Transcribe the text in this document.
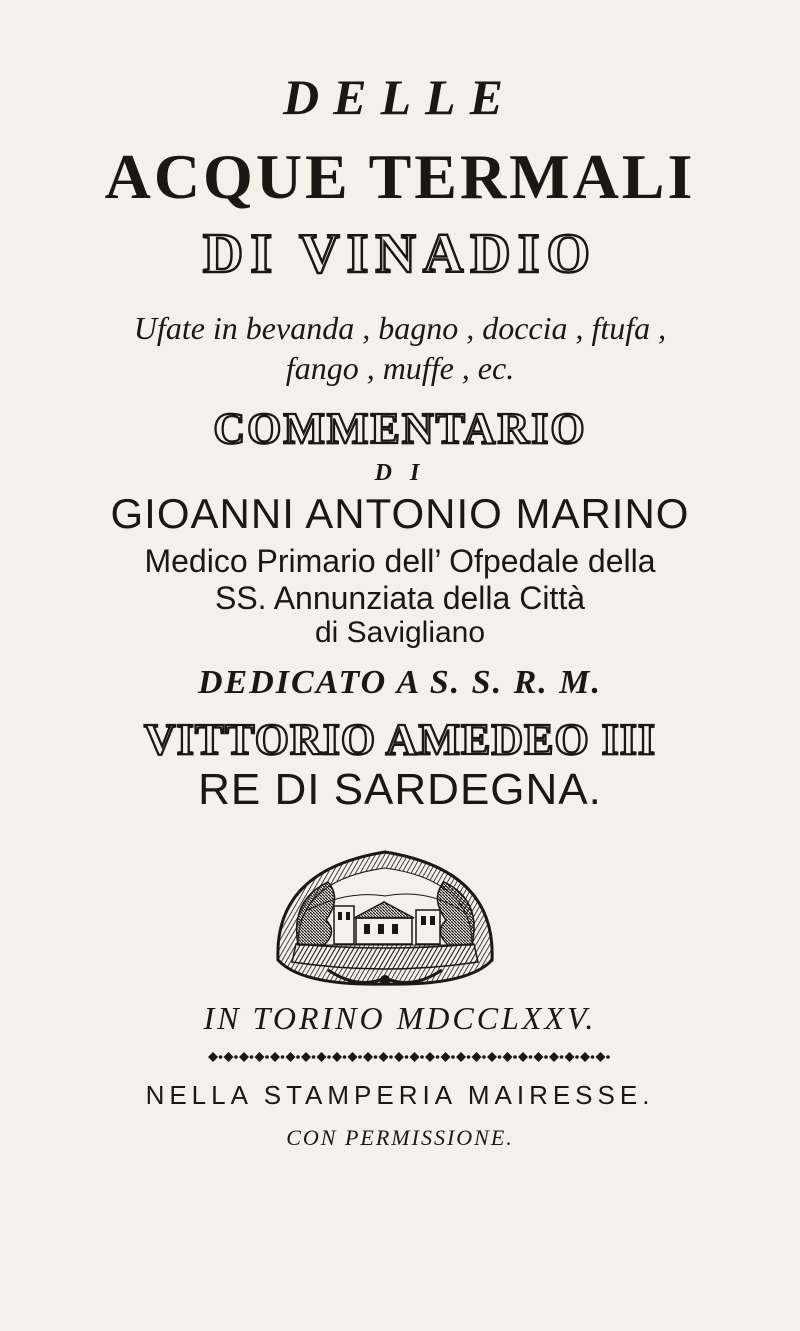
DELLE
ACQUE TERMALI
DI VINADIO
Ufate in bevanda , bagno , doccia , ftufa ,
fango , muffe , ec.
COMMENTARIO
D I
GIOANNI ANTONIO MARINO
Medico Primario dell’ Ofpedale della
SS. Annunziata della Città
di Savigliano
DEDICATO A S. S. R. M.
VITTORIO AMEDEO III
RE DI SARDEGNA.
IN TORINO MDCCLXXV.
NELLA STAMPERIA MAIRESSE.
CON PERMISSIONE.
